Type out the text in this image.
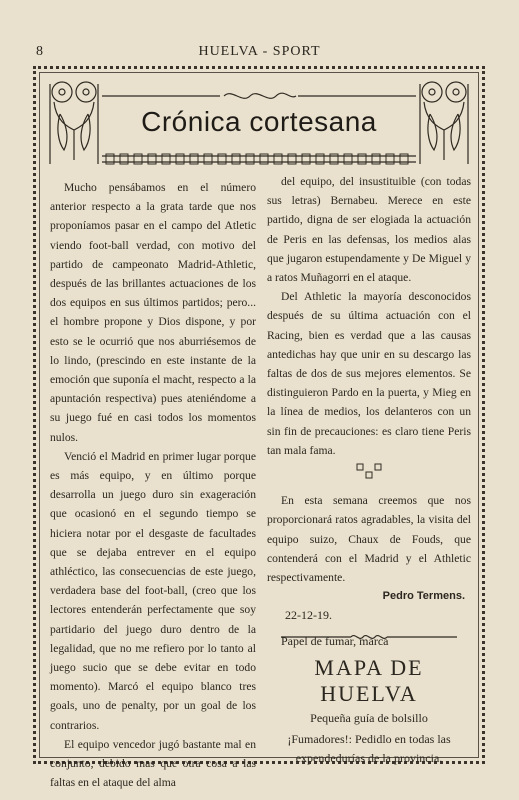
8	HUELVA - SPORT
Crónica cortesana

Mucho pensábamos en el número anterior respecto a la grata tarde que nos proponíamos pasar en el campo del Atletic viendo foot-ball verdad, con motivo del partido de campeonato Madrid-Athletic, después de las brillantes actuaciones de los dos equipos en sus últimos partidos; pero... el hombre propone y Dios dispone, y por esto se le ocurrió que nos aburriésemos de lo lindo, (prescindo en este instante de la emoción que suponía el macht, respecto a la apuntación respectiva) pues ateniéndome a su juego fué en casi todos los momentos nulos.

Venció el Madrid en primer lugar porque es más equipo, y en último porque desarrolla un juego duro sin exageración que ocasionó en el segundo tiempo se hiciera notar por el desgaste de facultades que se dejaba entrever en el equipo athléctico, las consecuencias de este juego, verdadera base del foot-ball, (creo que los lectores entenderán perfectamente que soy partidario del juego duro dentro de la legalidad, que no me refiero por lo tanto al juego sucio que se debe evitar en todo momento). Marcó el equipo blanco tres goals, uno de penalty, por un goal de los contrarios.

El equipo vencedor jugó bastante mal en conjunto, debido mas que otra cosa a las faltas en el ataque del alma

del equipo, del insustituible (con todas sus letras) Bernabeu. Merece en este partido, digna de ser elogiada la actuación de Peris en las defensas, los medios alas que jugaron estupendamente y De Miguel y a ratos Muñagorri en el ataque.

Del Athletic la mayoría desconocidos después de su última actuación con el Racing, bien es verdad que a las causas antedichas hay que unir en su descargo las faltas de dos de sus mejores elementos. Se distinguieron Pardo en la puerta, y Mieg en la línea de medios, los delanteros con un sin fin de precauciones: es claro tiene Peris tan mala fama.

En esta semana creemos que nos proporcionará ratos agradables, la visita del equipo suizo, Chaux de Fouds, que contenderá con el Madrid y el Athletic respectivamente.

Pedro Termens.
22-12-19.

Papel de fumar, marca

MAPA DE HUELVA

Pequeña guía de bolsillo

¡Fumadores!: Pedidlo en todas las expendedurías de la provincia.
